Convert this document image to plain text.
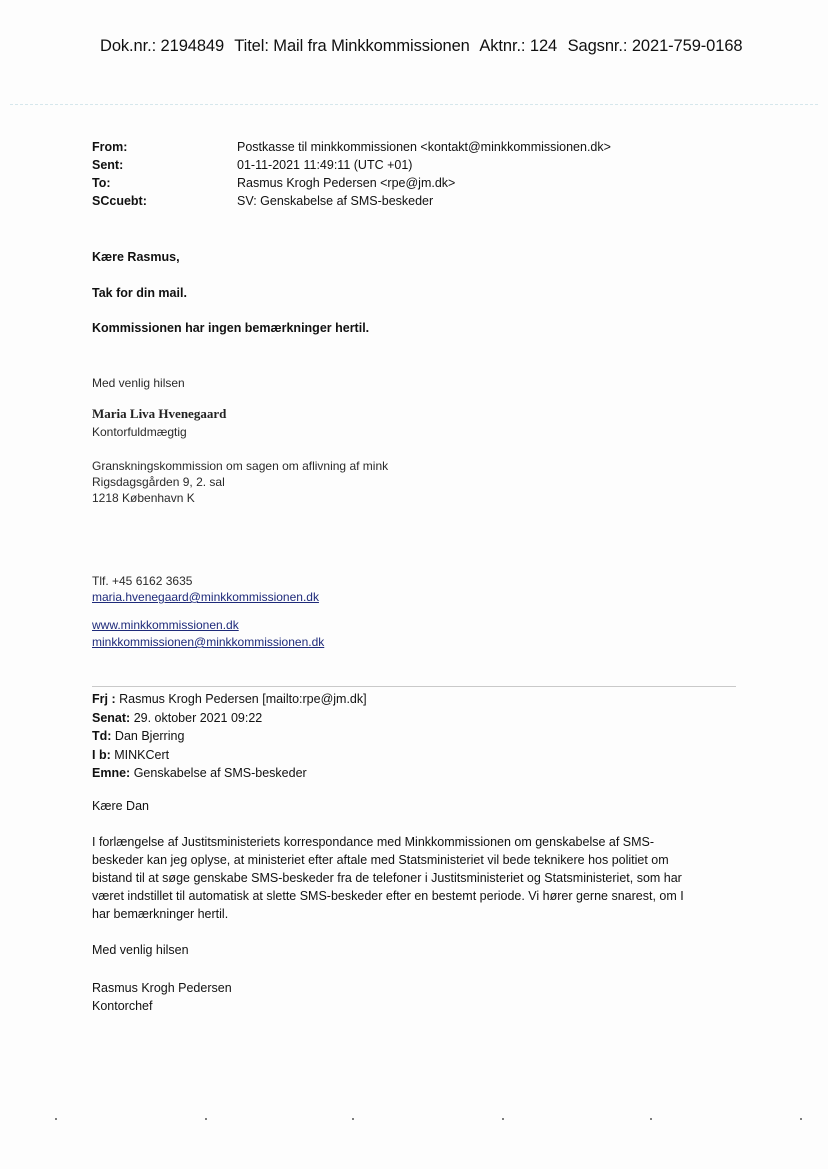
Dok.nr.: 2194849 Titel: Mail fra Minkkommissionen Aktnr.: 124 Sagsnr.: 2021-759-0168
From:	Postkasse til minkkommissionen <kontakt@minkkommissionen.dk>
Sent:	01-11-2021 11:49:11 (UTC +01)
To:	Rasmus Krogh Pedersen <rpe@jm.dk>
SCcuebt:	SV: Genskabelse af SMS-beskeder
Kære Rasmus,
Tak for din mail.
Kommissionen har ingen bemærkninger hertil.
Med venlig hilsen
Maria Liva Hvenegaard
Kontorfuldmægtig
Granskningskommission om sagen om aflivning af mink
Rigsdagsgården 9, 2. sal
1218 København K
Tlf. +45 6162 3635
maria.hvenegaard@minkkommissionen.dk
www.minkkommissionen.dk
minkkommissionen@minkkommissionen.dk
Frj : Rasmus Krogh Pedersen [mailto:rpe@jm.dk]
Senat: 29. oktober 2021 09:22
Td: Dan Bjerring
I b: MINKCert
Emne: Genskabelse af SMS-beskeder
Kære Dan
I forlængelse af Justitsministeriets korrespondance med Minkkommissionen om genskabelse af SMS-
beskeder kan jeg oplyse, at ministeriet efter aftale med Statsministeriet vil bede teknikere hos politiet om
bistand til at søge genskabe SMS-beskeder fra de telefoner i Justitsministeriet og Statsministeriet, som har
været indstillet til automatisk at slette SMS-beskeder efter en bestemt periode. Vi hører gerne snarest, om I
har bemærkninger hertil.
Med venlig hilsen
Rasmus Krogh Pedersen
Kontorchef
